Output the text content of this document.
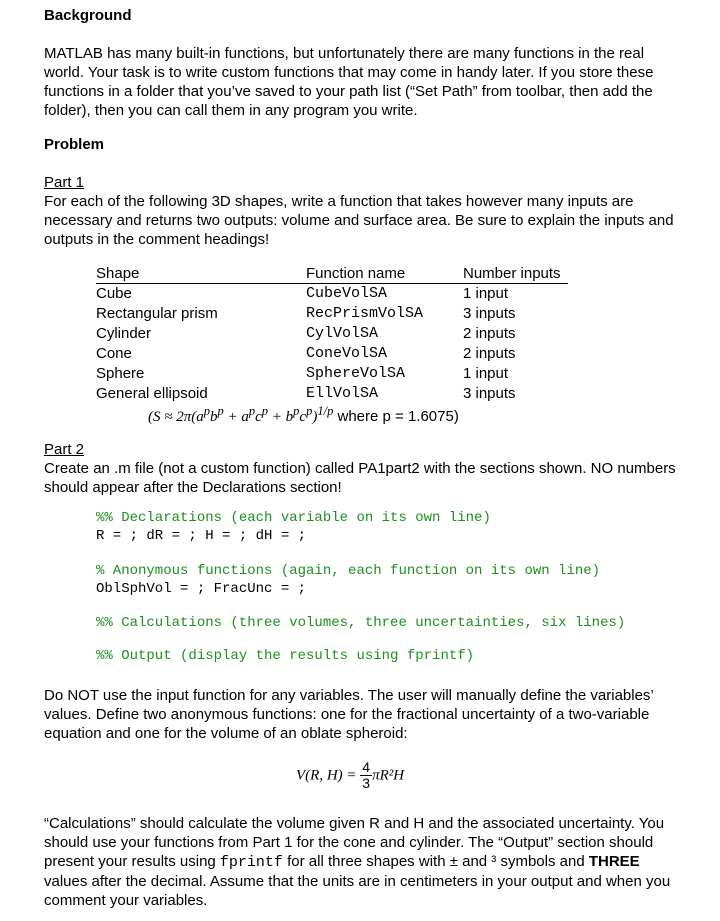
Background
MATLAB has many built-in functions, but unfortunately there are many functions in the real world. Your task is to write custom functions that may come in handy later. If you store these functions in a folder that you’ve saved to your path list (“Set Path” from toolbar, then add the folder), then you can call them in any program you write.
Problem
Part 1
For each of the following 3D shapes, write a function that takes however many inputs are necessary and returns two outputs: volume and surface area. Be sure to explain the inputs and outputs in the comment headings!
Shape	Function name	Number inputs
Cube	CubeVolSA	1 input
Rectangular prism	RecPrismVolSA	3 inputs
Cylinder	CylVolSA	2 inputs
Cone	ConeVolSA	2 inputs
Sphere	SphereVolSA	1 input
General ellipsoid	EllVolSA	3 inputs
($S \approx 2\pi(a^pb^p + a^pc^p + b^pc^p)^{1/p}$ where p = 1.6075)
Part 2
Create an .m file (not a custom function) called PA1part2 with the sections shown. NO numbers should appear after the Declarations section!
%% Declarations (each variable on its own line)
R = ; dR = ; H = ; dH = ;
% Anonymous functions (again, each function on its own line)
OblSphVol = ; FracUnc = ;
%% Calculations (three volumes, three uncertainties, six lines)
%% Output (display the results using fprintf)
Do NOT use the input function for any variables. The user will manually define the variables’ values. Define two anonymous functions: one for the fractional uncertainty of a two-variable equation and one for the volume of an oblate spheroid:
V(R, $H) = \frac{4}{3} \pi R^2H$
“Calculations” should calculate the volume given R and H and the associated uncertainty. You should use your functions from Part 1 for the cone and cylinder. The “Output” section should present your results using fprintf for all three shapes with ± and ³ symbols and THREE values after the decimal. Assume that the units are in centimeters in your output and when you comment your variables.
